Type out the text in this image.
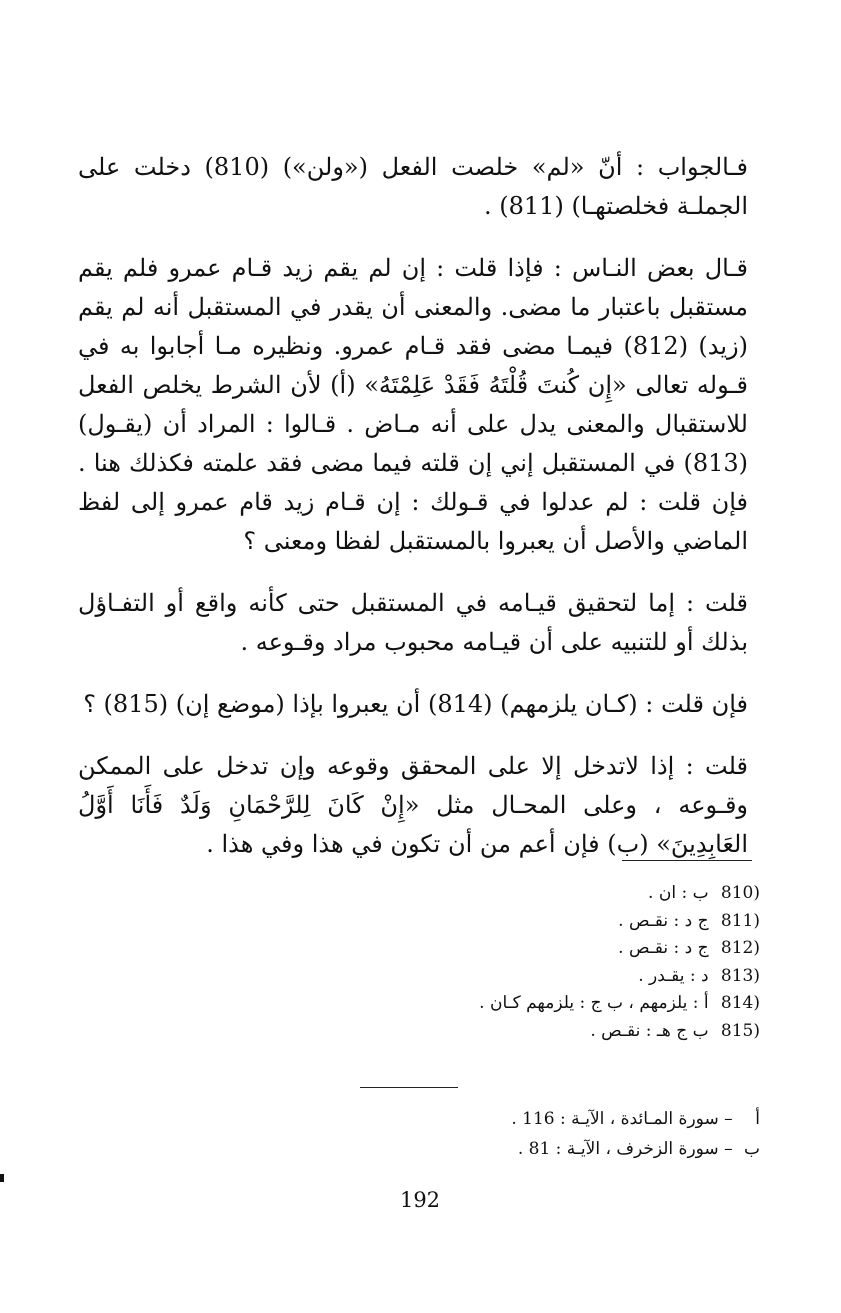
فـالجواب : أنّ «لم» خلصت الفعل («ولن») (810) دخلت على الجملـة فخلصتهـا) (811) .

قـال بعض النـاس : فإذا قلت : إن لم يقم زيد قـام عمرو فلم يقم مستقبل باعتبار ما مضى. والمعنى أن يقدر في المستقبل أنه لم يقم (زيد) (812) فيمـا مضى فقد قـام عمرو. ونظيره مـا أجابوا به في قـوله تعالى «إِن كُنتَ قُلْتَهُ فَقَدْ عَلِمْتَهُ» (أ) لأن الشرط يخلص الفعل للاستقبال والمعنى يدل على أنه مـاض . قـالوا : المراد أن (يقـول) (813) في المستقبل إني إن قلته فيما مضى فقد علمته فكذلك هنا . فإن قلت : لم عدلوا في قـولك : إن قـام زيد قام عمرو إلى لفظ الماضي والأصل أن يعبروا بالمستقبل لفظا ومعنى ؟

قلت : إما لتحقيق قيـامه في المستقبل حتى كأنه واقع أو التفـاؤل بذلك أو للتنبيه على أن قيـامه محبوب مراد وقـوعه .

فإن قلت : (كـان يلزمهم) (814) أن يعبروا بإذا (موضع إن) (815) ؟

قلت : إذا لاتدخل إلا على المحقق وقوعه وإن تدخل على الممكن وقـوعه ، وعلى المحـال مثل «إِنْ كَانَ لِلرَّحْمَانِ وَلَدٌ فَأَنَا أَوَّلُ العَابِدِينَ» (ب) فإن أعم من أن تكون في هذا وفي هذا .

(810 ب : ان .
(811 ج د : نقـص .
(812 ج د : نقـص .
(813 د : يقـدر .
(814 أ : يلزمهم ، ب ج : يلزمهم كـان .
(815 ب ج هـ : نقـص .
أ – سورة المـائدة ، الآيـة : 116 .
ب – سورة الزخرف ، الآيـة : 81 .
192
